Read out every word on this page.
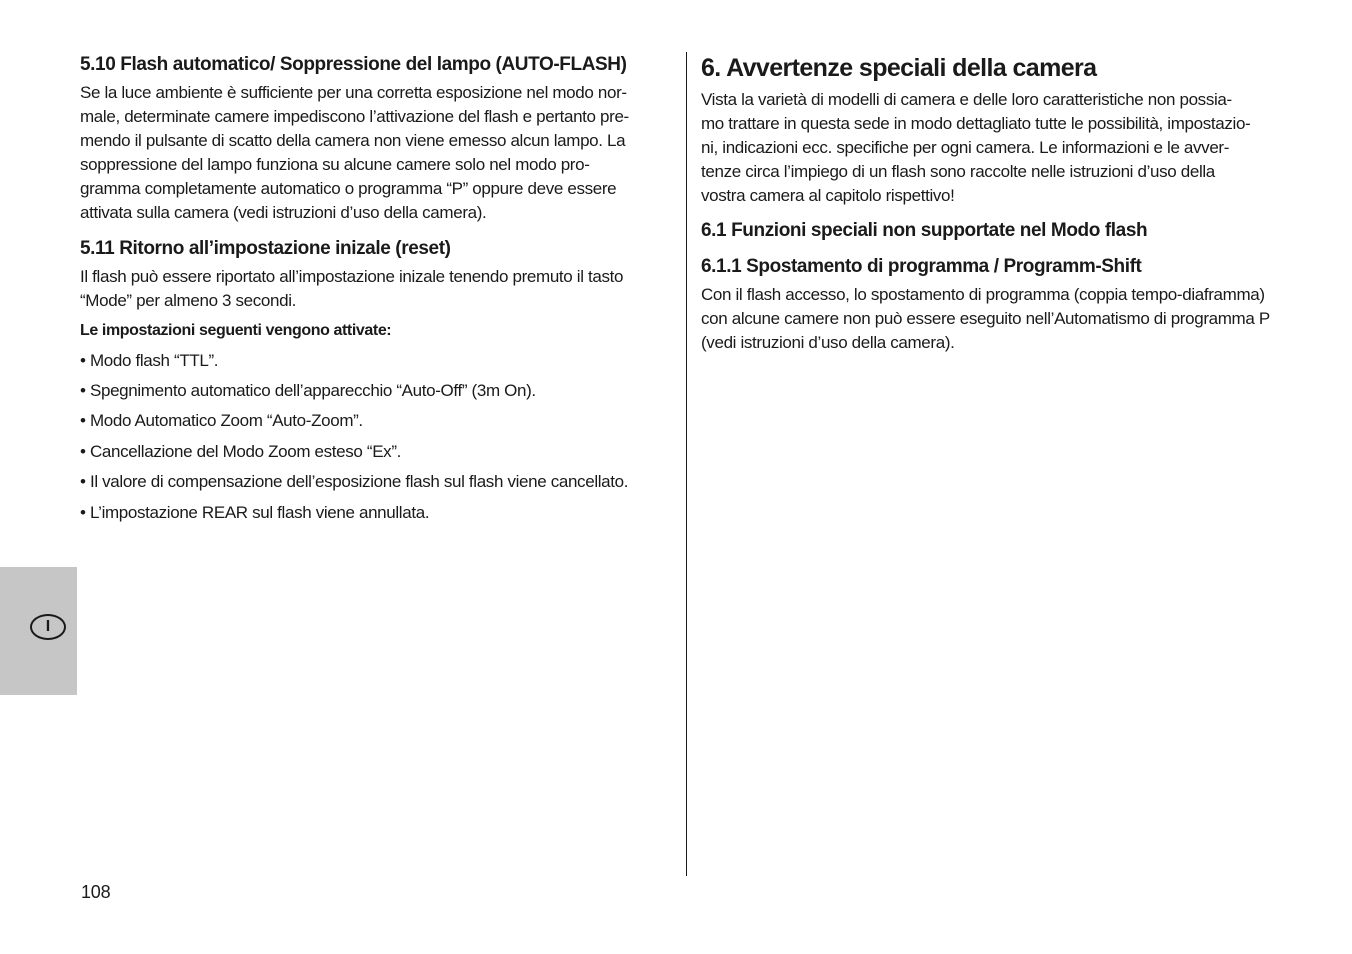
5.10 Flash automatico/ Soppressione del lampo (AUTO-FLASH)

Se la luce ambiente è sufficiente per una corretta esposizione nel modo nor-
male, determinate camere impediscono l’attivazione del flash e pertanto pre-
mendo il pulsante di scatto della camera non viene emesso alcun lampo. La
soppressione del lampo funziona su alcune camere solo nel modo pro-
gramma completamente automatico o programma “P” oppure deve essere
attivata sulla camera (vedi istruzioni d’uso della camera).

5.11 Ritorno all’impostazione inizale (reset)

Il flash può essere riportato all’impostazione inizale tenendo premuto il tasto
“Mode” per almeno 3 secondi.

Le impostazioni seguenti vengono attivate:

• Modo flash “TTL”.

• Spegnimento automatico dell’apparecchio “Auto-Off” (3m On).

• Modo Automatico Zoom “Auto-Zoom”.

• Cancellazione del Modo Zoom esteso “Ex”.

• Il valore di compensazione dell’esposizione flash sul flash viene cancellato.

• L’impostazione REAR sul flash viene annullata.

6. Avvertenze speciali della camera

Vista la varietà di modelli di camera e delle loro caratteristiche non possia-
mo trattare in questa sede in modo dettagliato tutte le possibilità, impostazio-
ni, indicazioni ecc. specifiche per ogni camera. Le informazioni e le avver-
tenze circa l’impiego di un flash sono raccolte nelle istruzioni d’uso della
vostra camera al capitolo rispettivo!

6.1 Funzioni speciali non supportate nel Modo flash
6.1.1 Spostamento di programma / Programm-Shift

Con il flash accesso, lo spostamento di programma (coppia tempo-diaframma)
con alcune camere non può essere eseguito nell’Automatismo di programma P
(vedi istruzioni d’uso della camera).

I
108
